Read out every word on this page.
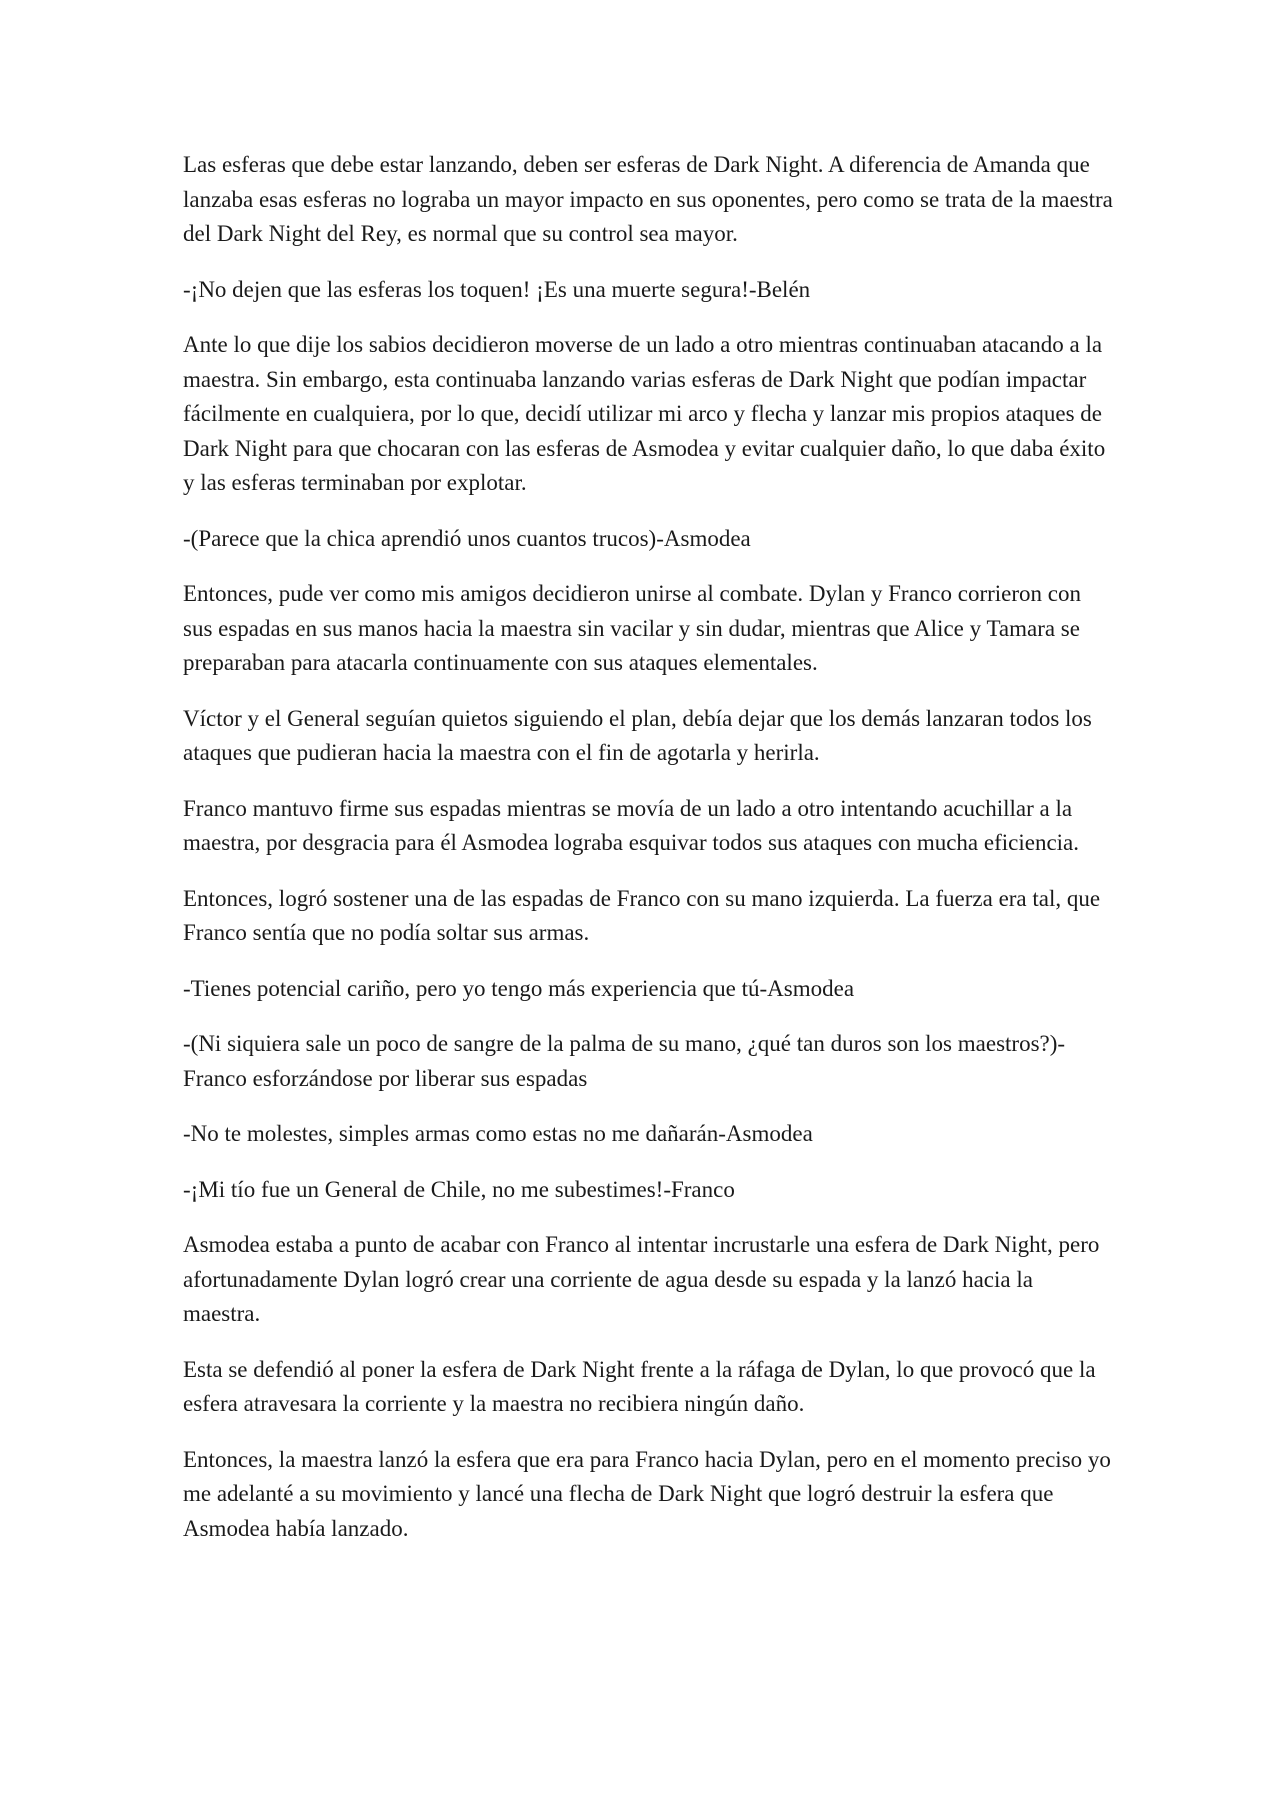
Las esferas que debe estar lanzando, deben ser esferas de Dark Night. A diferencia de Amanda que lanzaba esas esferas no lograba un mayor impacto en sus oponentes, pero como se trata de la maestra del Dark Night del Rey, es normal que su control sea mayor.

-¡No dejen que las esferas los toquen! ¡Es una muerte segura!-Belén

Ante lo que dije los sabios decidieron moverse de un lado a otro mientras continuaban atacando a la maestra. Sin embargo, esta continuaba lanzando varias esferas de Dark Night que podían impactar fácilmente en cualquiera, por lo que, decidí utilizar mi arco y flecha y lanzar mis propios ataques de Dark Night para que chocaran con las esferas de Asmodea y evitar cualquier daño, lo que daba éxito y las esferas terminaban por explotar.

-(Parece que la chica aprendió unos cuantos trucos)-Asmodea

Entonces, pude ver como mis amigos decidieron unirse al combate. Dylan y Franco corrieron con sus espadas en sus manos hacia la maestra sin vacilar y sin dudar, mientras que Alice y Tamara se preparaban para atacarla continuamente con sus ataques elementales.

Víctor y el General seguían quietos siguiendo el plan, debía dejar que los demás lanzaran todos los ataques que pudieran hacia la maestra con el fin de agotarla y herirla.

Franco mantuvo firme sus espadas mientras se movía de un lado a otro intentando acuchillar a la maestra, por desgracia para él Asmodea lograba esquivar todos sus ataques con mucha eficiencia.

Entonces, logró sostener una de las espadas de Franco con su mano izquierda. La fuerza era tal, que Franco sentía que no podía soltar sus armas.

-Tienes potencial cariño, pero yo tengo más experiencia que tú-Asmodea

-(Ni siquiera sale un poco de sangre de la palma de su mano, ¿qué tan duros son los maestros?)-Franco esforzándose por liberar sus espadas

-No te molestes, simples armas como estas no me dañarán-Asmodea

-¡Mi tío fue un General de Chile, no me subestimes!-Franco

Asmodea estaba a punto de acabar con Franco al intentar incrustarle una esfera de Dark Night, pero afortunadamente Dylan logró crear una corriente de agua desde su espada y la lanzó hacia la maestra.

Esta se defendió al poner la esfera de Dark Night frente a la ráfaga de Dylan, lo que provocó que la esfera atravesara la corriente y la maestra no recibiera ningún daño.

Entonces, la maestra lanzó la esfera que era para Franco hacia Dylan, pero en el momento preciso yo me adelanté a su movimiento y lancé una flecha de Dark Night que logró destruir la esfera que Asmodea había lanzado.
